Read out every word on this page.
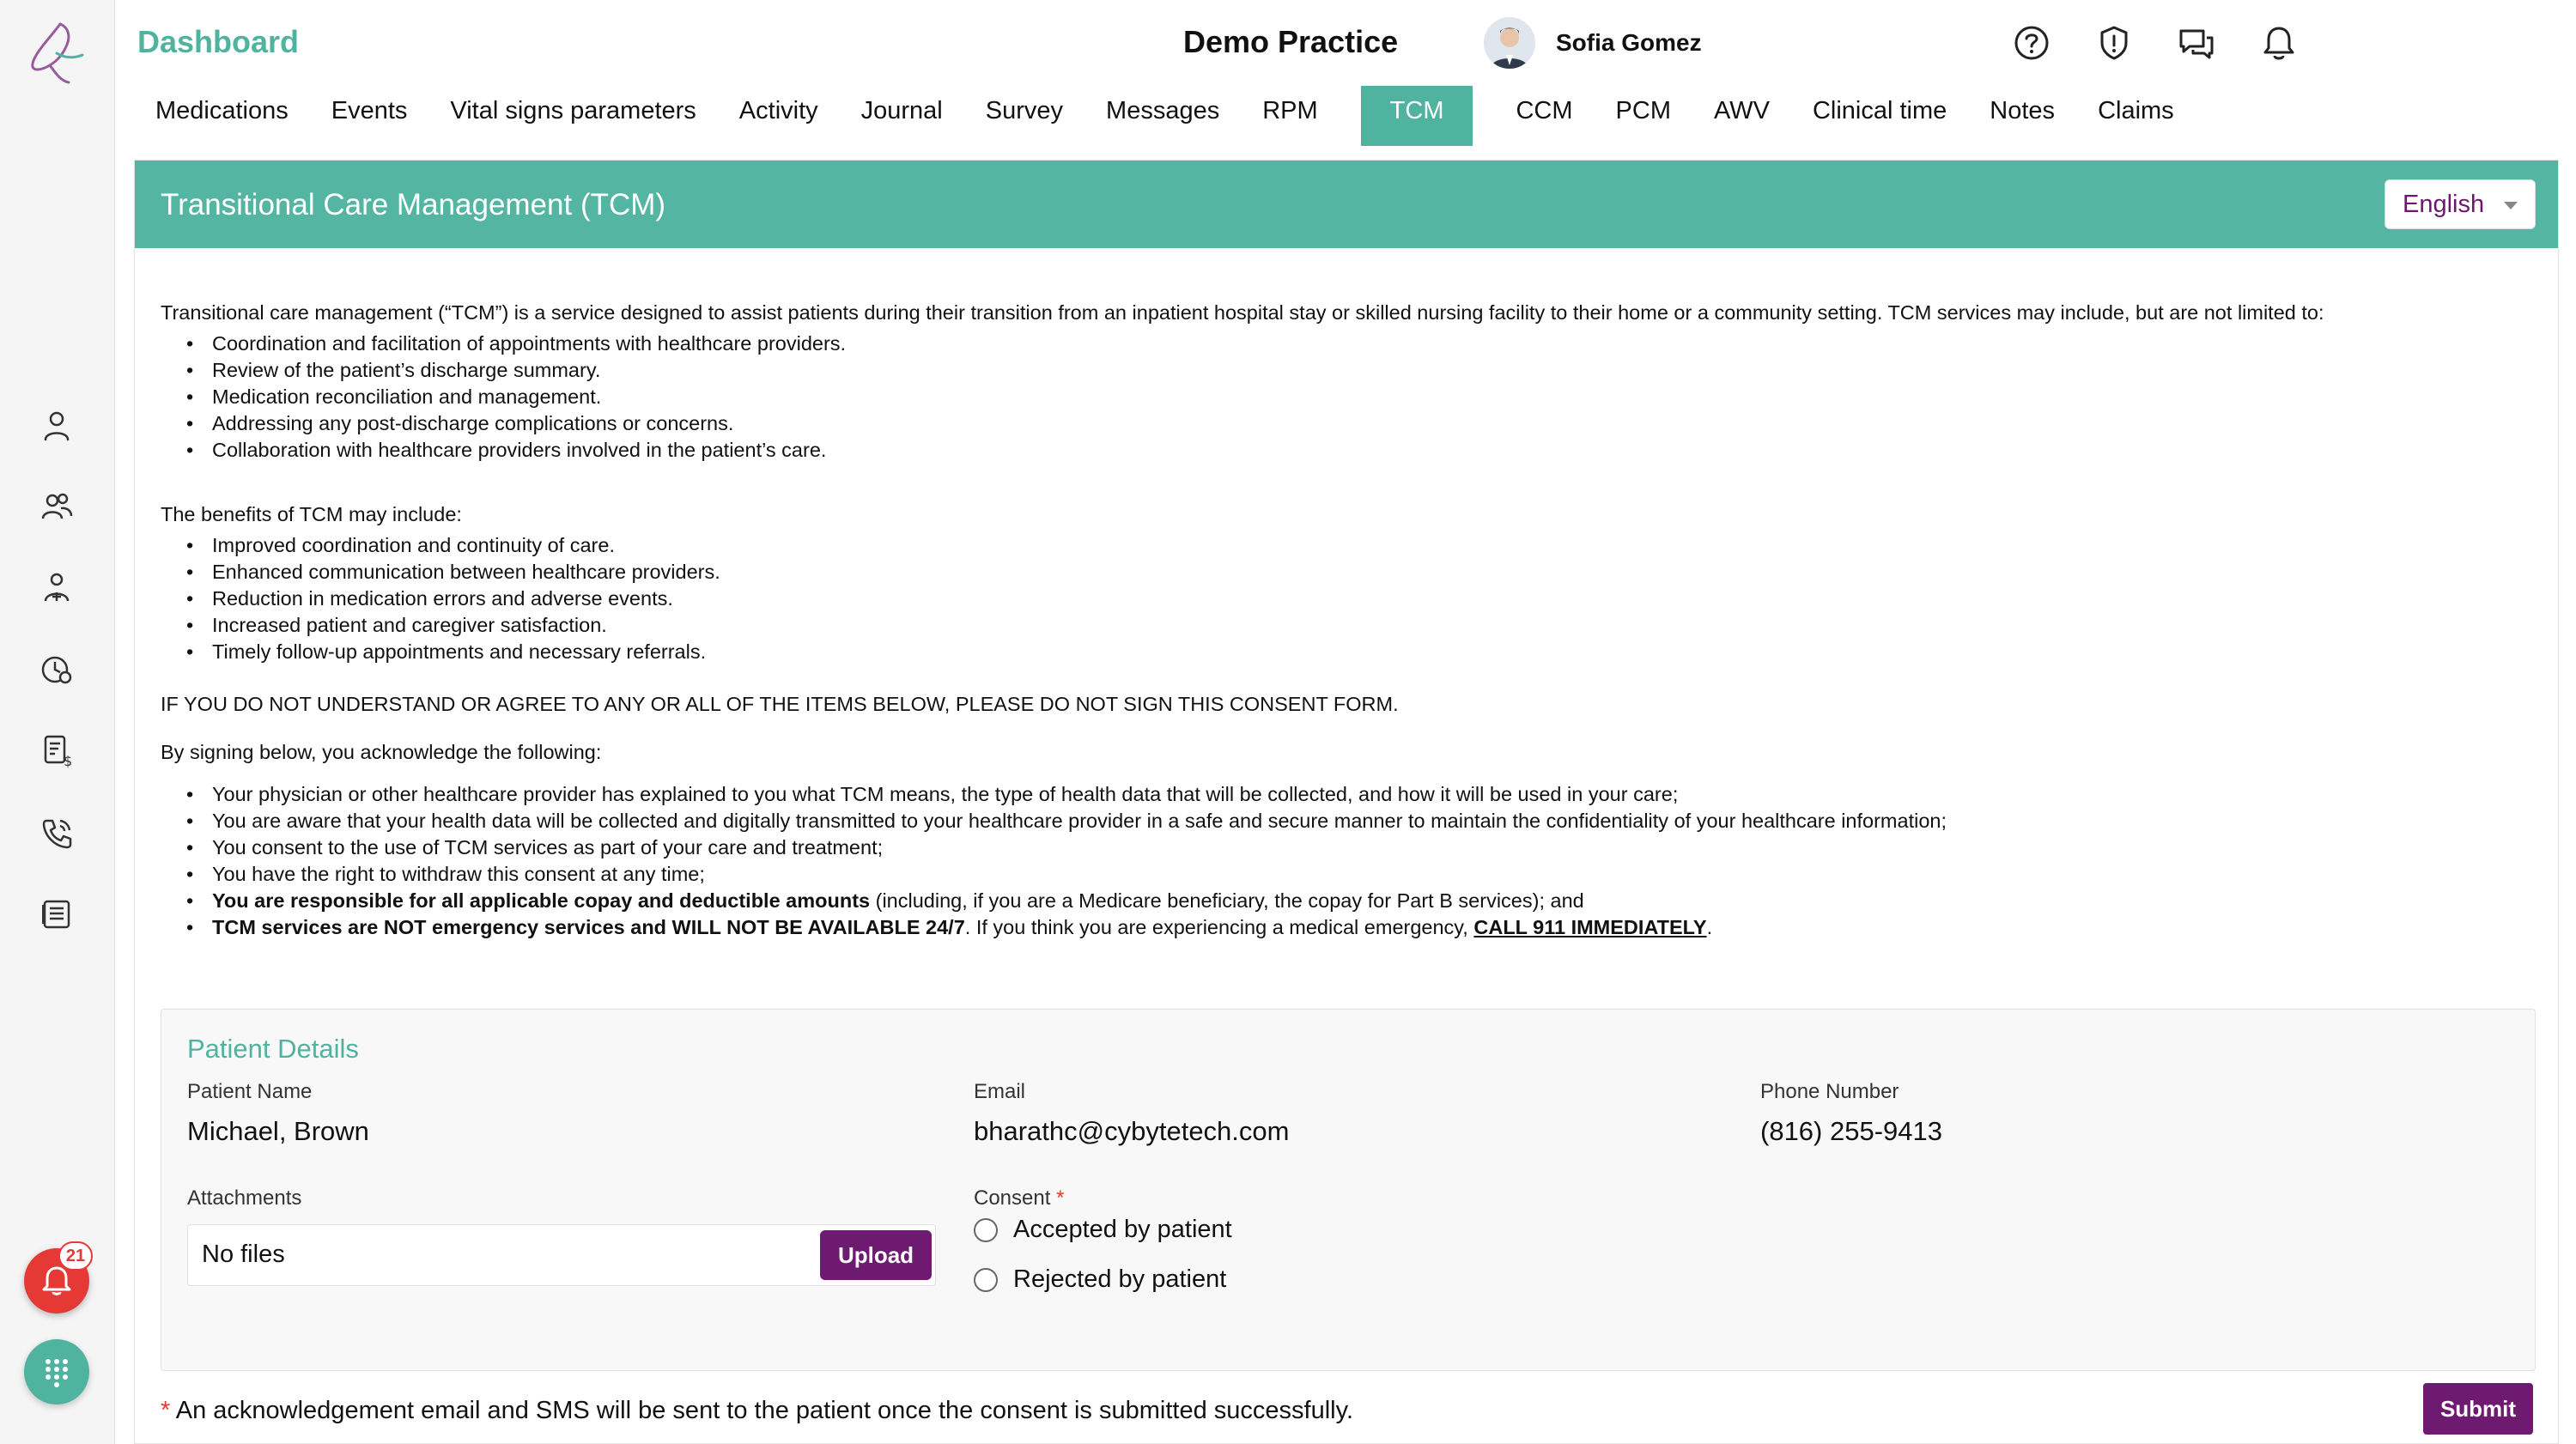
$
21
Dashboard	Demo Practice	Sofia Gomez
Medications	Events	Vital signs parameters	Activity	Journal	Survey	Messages	RPM	TCM	CCM	PCM	AWV	Clinical time	Notes	Claims
Transitional Care Management (TCM)	English

Transitional care management (“TCM”) is a service designed to assist patients during their transition from an inpatient hospital stay or skilled nursing facility to their home or a community setting. TCM services may include, but are not limited to:

• Coordination and facilitation of appointments with healthcare providers.
• Review of the patient’s discharge summary.
• Medication reconciliation and management.
• Addressing any post-discharge complications or concerns.
• Collaboration with healthcare providers involved in the patient’s care.

The benefits of TCM may include:

• Improved coordination and continuity of care.
• Enhanced communication between healthcare providers.
• Reduction in medication errors and adverse events.
• Increased patient and caregiver satisfaction.
• Timely follow-up appointments and necessary referrals.

IF YOU DO NOT UNDERSTAND OR AGREE TO ANY OR ALL OF THE ITEMS BELOW, PLEASE DO NOT SIGN THIS CONSENT FORM.

By signing below, you acknowledge the following:

• Your physician or other healthcare provider has explained to you what TCM means, the type of health data that will be collected, and how it will be used in your care;
• You are aware that your health data will be collected and digitally transmitted to your healthcare provider in a safe and secure manner to maintain the confidentiality of your healthcare information;
• You consent to the use of TCM services as part of your care and treatment;
• You have the right to withdraw this consent at any time;
• You are responsible for all applicable copay and deductible amounts (including, if you are a Medicare beneficiary, the copay for Part B services); and
• TCM services are NOT emergency services and WILL NOT BE AVAILABLE 24/7. If you think you are experiencing a medical emergency, CALL 911 IMMEDIATELY.
Patient Details
Patient Name
Michael, Brown
Email
bharathc@cybytetech.com
Phone Number
(816) 255-9413
Attachments
No files	Upload
Consent *
Accepted by patient
Rejected by patient
* An acknowledgement email and SMS will be sent to the patient once the consent is submitted successfully.	Submit
